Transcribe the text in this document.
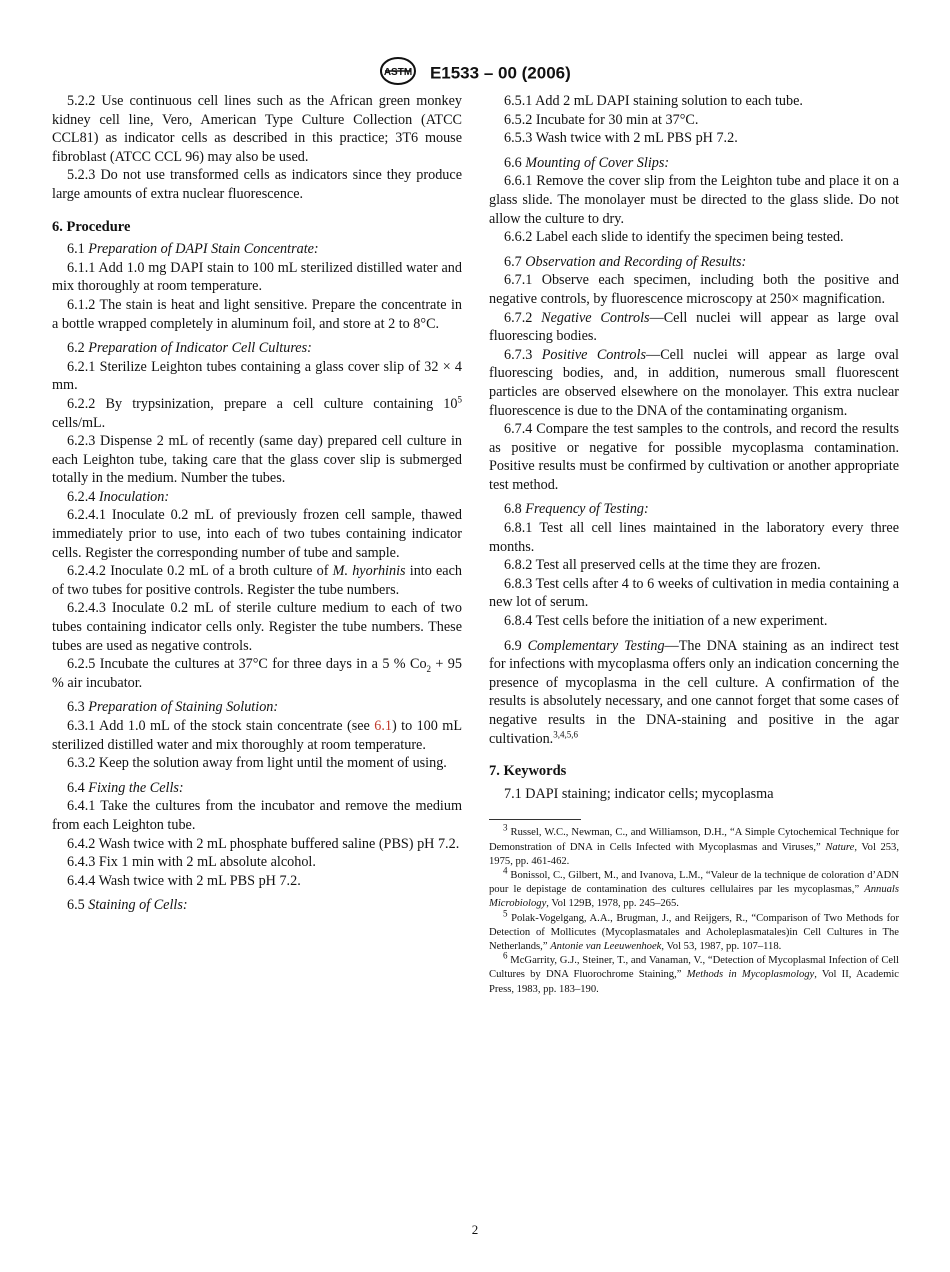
ASTM E1533 – 00 (2006)

5.2.2 Use continuous cell lines such as the African green monkey kidney cell line, Vero, American Type Culture Collection (ATCC CCL81) as indicator cells as described in this practice; 3T6 mouse fibroblast (ATCC CCL 96) may also be used.

5.2.3 Do not use transformed cells as indicators since they produce large amounts of extra nuclear fluorescence.

6. Procedure

6.1 Preparation of DAPI Stain Concentrate:

6.1.1 Add 1.0 mg DAPI stain to 100 mL sterilized distilled water and mix thoroughly at room temperature.

6.1.2 The stain is heat and light sensitive. Prepare the concentrate in a bottle wrapped completely in aluminum foil, and store at 2 to 8°C.

6.2 Preparation of Indicator Cell Cultures:

6.2.1 Sterilize Leighton tubes containing a glass cover slip of 32 × 4 mm.

6.2.2 By trypsinization, prepare a cell culture containing $10^5$ cells/mL.

6.2.3 Dispense 2 mL of recently (same day) prepared cell culture in each Leighton tube, taking care that the glass cover slip is submerged totally in the medium. Number the tubes.

6.2.4 Inoculation:

6.2.4.1 Inoculate 0.2 mL of previously frozen cell sample, thawed immediately prior to use, into each of two tubes containing indicator cells. Register the corresponding number of tube and sample.

6.2.4.2 Inoculate 0.2 mL of a broth culture of M. hyorhinis into each of two tubes for positive controls. Register the tube numbers.

6.2.4.3 Inoculate 0.2 mL of sterile culture medium to each of two tubes containing indicator cells only. Register the tube numbers. These tubes are used as negative controls.

6.2.5 Incubate the cultures at 37°C for three days in a 5 % $Co_2 + 95$ % air incubator.

6.3 Preparation of Staining Solution:

6.3.1 Add 1.0 mL of the stock stain concentrate (see 6.1) to 100 mL sterilized distilled water and mix thoroughly at room temperature.

6.3.2 Keep the solution away from light until the moment of using.

6.4 Fixing the Cells:

6.4.1 Take the cultures from the incubator and remove the medium from each Leighton tube.

6.4.2 Wash twice with 2 mL phosphate buffered saline (PBS) pH 7.2.

6.4.3 Fix 1 min with 2 mL absolute alcohol.

6.4.4 Wash twice with 2 mL PBS pH 7.2.

6.5 Staining of Cells:

6.5.1 Add 2 mL DAPI staining solution to each tube.

6.5.2 Incubate for 30 min at 37°C.

6.5.3 Wash twice with 2 mL PBS pH 7.2.

6.6 Mounting of Cover Slips:

6.6.1 Remove the cover slip from the Leighton tube and place it on a glass slide. The monolayer must be directed to the glass slide. Do not allow the culture to dry.

6.6.2 Label each slide to identify the specimen being tested.

6.7 Observation and Recording of Results:

6.7.1 Observe each specimen, including both the positive and negative controls, by fluorescence microscopy at 250× magnification.

6.7.2 Negative Controls—Cell nuclei will appear as large oval fluorescing bodies.

6.7.3 Positive Controls—Cell nuclei will appear as large oval fluorescing bodies, and, in addition, numerous small fluorescent particles are observed elsewhere on the monolayer. This extra nuclear fluorescence is due to the DNA of the contaminating organism.

6.7.4 Compare the test samples to the controls, and record the results as positive or negative for possible mycoplasma contamination. Positive results must be confirmed by cultivation or another appropriate test method.

6.8 Frequency of Testing:

6.8.1 Test all cell lines maintained in the laboratory every three months.

6.8.2 Test all preserved cells at the time they are frozen.

6.8.3 Test cells after 4 to 6 weeks of cultivation in media containing a new lot of serum.

6.8.4 Test cells before the initiation of a new experiment.

6.9 Complementary Testing—The DNA staining as an indirect test for infections with mycoplasma offers only an indication concerning the presence of mycoplasma in the cell culture. A confirmation of the results is absolutely necessary, and one cannot forget that some cases of negative results in the DNA-staining and positive in the agar cultivation.$^{3,4,5,6}$

7. Keywords

7.1 DAPI staining; indicator cells; mycoplasma

$^3$ Russel, W.C., Newman, C., and Williamson, D.H., “A Simple Cytochemical Technique for Demonstration of DNA in Cells Infected with Mycoplasmas and Viruses,” Nature, Vol 253, 1975, pp. 461-462.

$^4$ Bonissol, C., Gilbert, M., and Ivanova, L.M., “Valeur de la technique de coloration d’ADN pour le depistage de contamination des cultures cellulaires par les mycoplasmas,” Annuals Microbiology, Vol 129B, 1978, pp. 245–265.

$^5$ Polak-Vogelgang, A.A., Brugman, J., and Reijgers, R., “Comparison of Two Methods for Detection of Mollicutes (Mycoplasmatales and Acholeplasmatales)in Cell Cultures in The Netherlands,” Antonie van Leeuwenhoek, Vol 53, 1987, pp. 107–118.

$^6$ McGarrity, G.J., Steiner, T., and Vanaman, V., “Detection of Mycoplasmal Infection of Cell Cultures by DNA Fluorochrome Staining,” Methods in Mycoplasmology, Vol II, Academic Press, 1983, pp. 183–190.

2
